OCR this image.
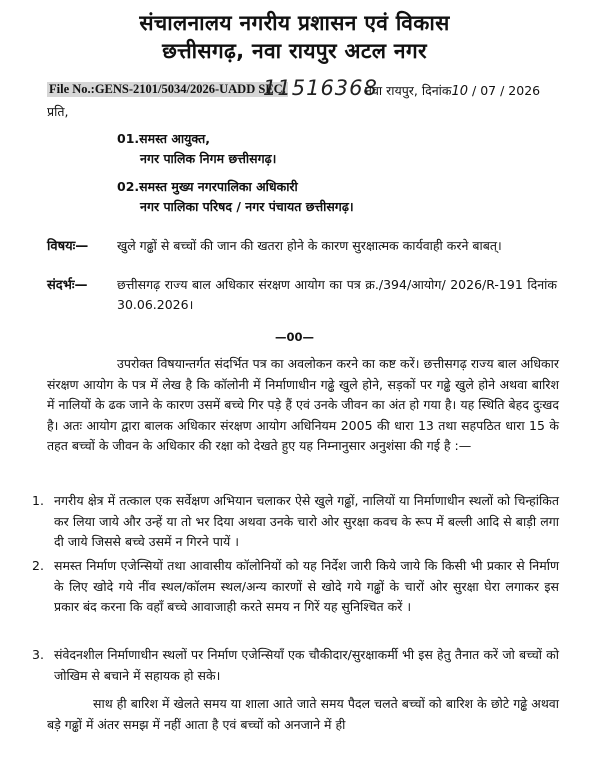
संचालनालय नगरीय प्रशासन एवं विकास
छत्तीसगढ़, नवा रायपुर अटल नगर
File No.:GENS-2101/5034/2026-UADD SEC.
11516368
नवा रायपुर, दिनांक10 / 07 / 2026
प्रति,
01.समस्त आयुक्त,
नगर पालिक निगम छत्तीसगढ़।
02.समस्त मुख्य नगरपालिका अधिकारी
नगर पालिका परिषद / नगर पंचायत छत्तीसगढ़।
विषयः— खुले गढ्ढों से बच्चों की जान की खतरा होने के कारण सुरक्षात्मक कार्यवाही करने बाबत्।
संदर्भः— छत्तीसगढ़ राज्य बाल अधिकार संरक्षण आयोग का पत्र क्र./394/आयोग/ 2026/R-191 दिनांक 30.06.2026।
—00—
उपरोक्त विषयान्तर्गत संदर्भित पत्र का अवलोकन करने का कष्ट करें। छत्तीसगढ़ राज्य बाल अधिकार संरक्षण आयोग के पत्र में लेख है कि कॉलोनी में निर्माणाधीन गढ्ढे खुले होने, सड़कों पर गढ्ढे खुले होने अथवा बारिश में नालियों के ढक जाने के कारण उसमें बच्चे गिर पड़े हैं एवं उनके जीवन का अंत हो गया है। यह स्थिति बेहद दुःखद है। अतः आयोग द्वारा बालक अधिकार संरक्षण आयोग अधिनियम 2005 की धारा 13 तथा सहपठित धारा 15 के तहत बच्चों के जीवन के अधिकार की रक्षा को देखते हुए यह निम्नानुसार अनुशंसा की गई है :—
1. नगरीय क्षेत्र में तत्काल एक सर्वेक्षण अभियान चलाकर ऐसे खुले गढ्ढों, नालियों या निर्माणाधीन स्थलों को चिन्हांकित कर लिया जाये और उन्हें या तो भर दिया अथवा उनके चारो ओर सुरक्षा कवच के रूप में बल्ली आदि से बाड़ी लगा दी जाये जिससे बच्चे उसमें न गिरने पायें ।
2. समस्त निर्माण एजेन्सियों तथा आवासीय कॉलोनियों को यह निर्देश जारी किये जाये कि किसी भी प्रकार से निर्माण के लिए खोदे गये नींव स्थल/कॉलम स्थल/अन्य कारणों से खोदे गये गढ्ढों के चारों ओर सुरक्षा घेरा लगाकर इस प्रकार बंद करना कि वहाँ बच्चे आवाजाही करते समय न गिरें यह सुनिश्चित करें ।
3. संवेदनशील निर्माणाधीन स्थलों पर निर्माण एजेन्सियाँ एक चौकीदार/सुरक्षाकर्मी भी इस हेतु तैनात करें जो बच्चों को जोखिम से बचाने में सहायक हो सके।
साथ ही बारिश में खेलते समय या शाला आते जाते समय पैदल चलते बच्चों को बारिश के छोटे गढ्ढे अथवा बड़े गढ्ढों में अंतर समझ में नहीं आता है एवं बच्चों को अनजाने में ही
